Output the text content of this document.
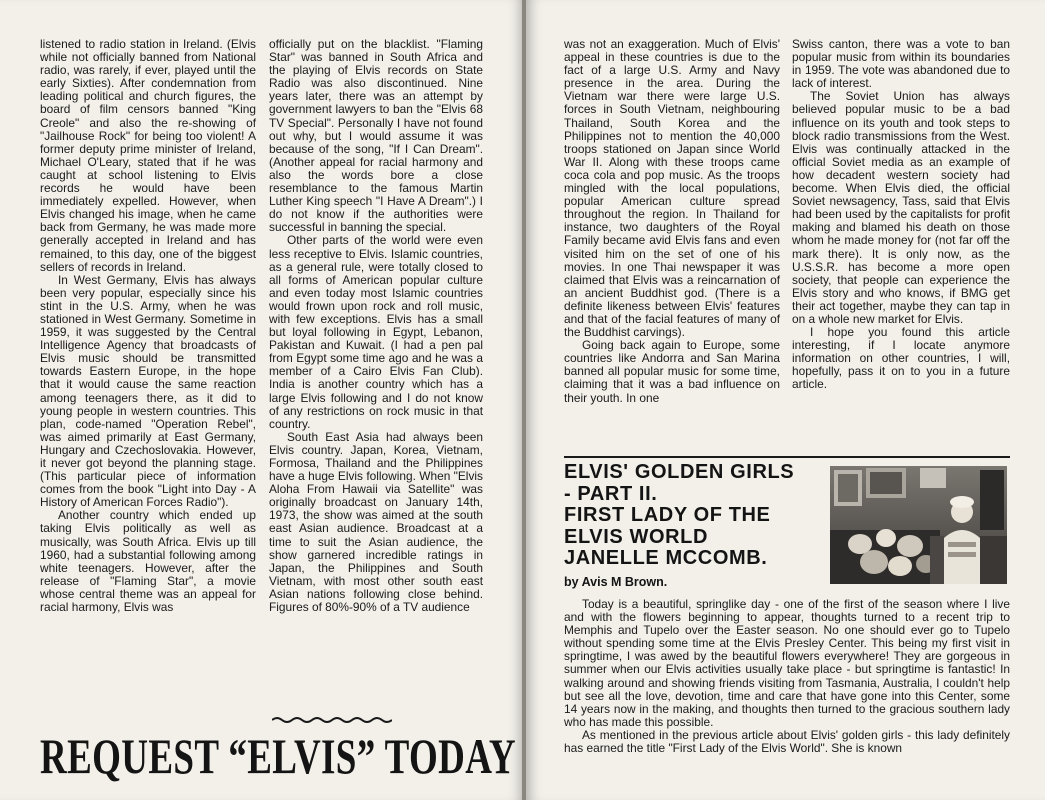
listened to radio station in Ireland. (Elvis while not officially banned from National radio, was rarely, if ever, played until the early Sixties). After condemnation from leading political and church figures, the board of film censors banned "King Creole" and also the re-showing of "Jailhouse Rock" for being too violent! A former deputy prime minister of Ireland, Michael O'Leary, stated that if he was caught at school listening to Elvis records he would have been immediately expelled. However, when Elvis changed his image, when he came back from Germany, he was made more generally accepted in Ireland and has remained, to this day, one of the biggest sellers of records in Ireland.

In West Germany, Elvis has always been very popular, especially since his stint in the U.S. Army, when he was stationed in West Germany. Sometime in 1959, it was suggested by the Central Intelligence Agency that broadcasts of Elvis music should be transmitted towards Eastern Europe, in the hope that it would cause the same reaction among teenagers there, as it did to young people in western countries. This plan, code-named "Operation Rebel", was aimed primarily at East Germany, Hungary and Czechoslovakia. However, it never got beyond the planning stage. (This particular piece of information comes from the book "Light into Day - A History of American Forces Radio").

Another country which ended up taking Elvis politically as well as musically, was South Africa. Elvis up till 1960, had a substantial following among white teenagers. However, after the release of "Flaming Star", a movie whose central theme was an appeal for racial harmony, Elvis was

officially put on the blacklist. "Flaming Star" was banned in South Africa and the playing of Elvis records on State Radio was also discontinued. Nine years later, there was an attempt by government lawyers to ban the "Elvis 68 TV Special". Personally I have not found out why, but I would assume it was because of the song, "If I Can Dream". (Another appeal for racial harmony and also the words bore a close resemblance to the famous Martin Luther King speech "I Have A Dream".) I do not know if the authorities were successful in banning the special.

Other parts of the world were even less receptive to Elvis. Islamic countries, as a general rule, were totally closed to all forms of American popular culture and even today most Islamic countries would frown upon rock and roll music, with few exceptions. Elvis has a small but loyal following in Egypt, Lebanon, Pakistan and Kuwait. (I had a pen pal from Egypt some time ago and he was a member of a Cairo Elvis Fan Club). India is another country which has a large Elvis following and I do not know of any restrictions on rock music in that country.

South East Asia had always been Elvis country. Japan, Korea, Vietnam, Formosa, Thailand and the Philippines have a huge Elvis following. When "Elvis Aloha From Hawaii via Satellite" was originally broadcast on January 14th, 1973, the show was aimed at the south east Asian audience. Broadcast at a time to suit the Asian audience, the show garnered incredible ratings in Japan, the Philippines and South Vietnam, with most other south east Asian nations following close behind. Figures of 80%-90% of a TV audience

REQUEST “ELVIS” TODAY

was not an exaggeration. Much of Elvis' appeal in these countries is due to the fact of a large U.S. Army and Navy presence in the area. During the Vietnam war there were large U.S. forces in South Vietnam, neighbouring Thailand, South Korea and the Philippines not to mention the 40,000 troops stationed on Japan since World War II. Along with these troops came coca cola and pop music. As the troops mingled with the local populations, popular American culture spread throughout the region. In Thailand for instance, two daughters of the Royal Family became avid Elvis fans and even visited him on the set of one of his movies. In one Thai newspaper it was claimed that Elvis was a reincarnation of an ancient Buddhist god. (There is a definite likeness between Elvis' features and that of the facial features of many of the Buddhist carvings).

Going back again to Europe, some countries like Andorra and San Marina banned all popular music for some time, claiming that it was a bad influence on their youth. In one

Swiss canton, there was a vote to ban popular music from within its boundaries in 1959. The vote was abandoned due to lack of interest.

The Soviet Union has always believed popular music to be a bad influence on its youth and took steps to block radio transmissions from the West. Elvis was continually attacked in the official Soviet media as an example of how decadent western society had become. When Elvis died, the official Soviet newsagency, Tass, said that Elvis had been used by the capitalists for profit making and blamed his death on those whom he made money for (not far off the mark there). It is only now, as the U.S.S.R. has become a more open society, that people can experience the Elvis story and who knows, if BMG get their act together, maybe they can tap in on a whole new market for Elvis.

I hope you found this article interesting, if I locate anymore information on other countries, I will, hopefully, pass it on to you in a future article.

ELVIS' GOLDEN GIRLS
- PART II.
FIRST LADY OF THE
ELVIS WORLD
JANELLE MCCOMB.
by Avis M Brown.

Today is a beautiful, springlike day - one of the first of the season where I live and with the flowers beginning to appear, thoughts turned to a recent trip to Memphis and Tupelo over the Easter season. No one should ever go to Tupelo without spending some time at the Elvis Presley Center. This being my first visit in springtime, I was awed by the beautiful flowers everywhere! They are gorgeous in summer when our Elvis activities usually take place - but springtime is fantastic! In walking around and showing friends visiting from Tasmania, Australia, I couldn't help but see all the love, devotion, time and care that have gone into this Center, some 14 years now in the making, and thoughts then turned to the gracious southern lady who has made this possible.

As mentioned in the previous article about Elvis' golden girls - this lady definitely has earned the title "First Lady of the Elvis World". She is known
